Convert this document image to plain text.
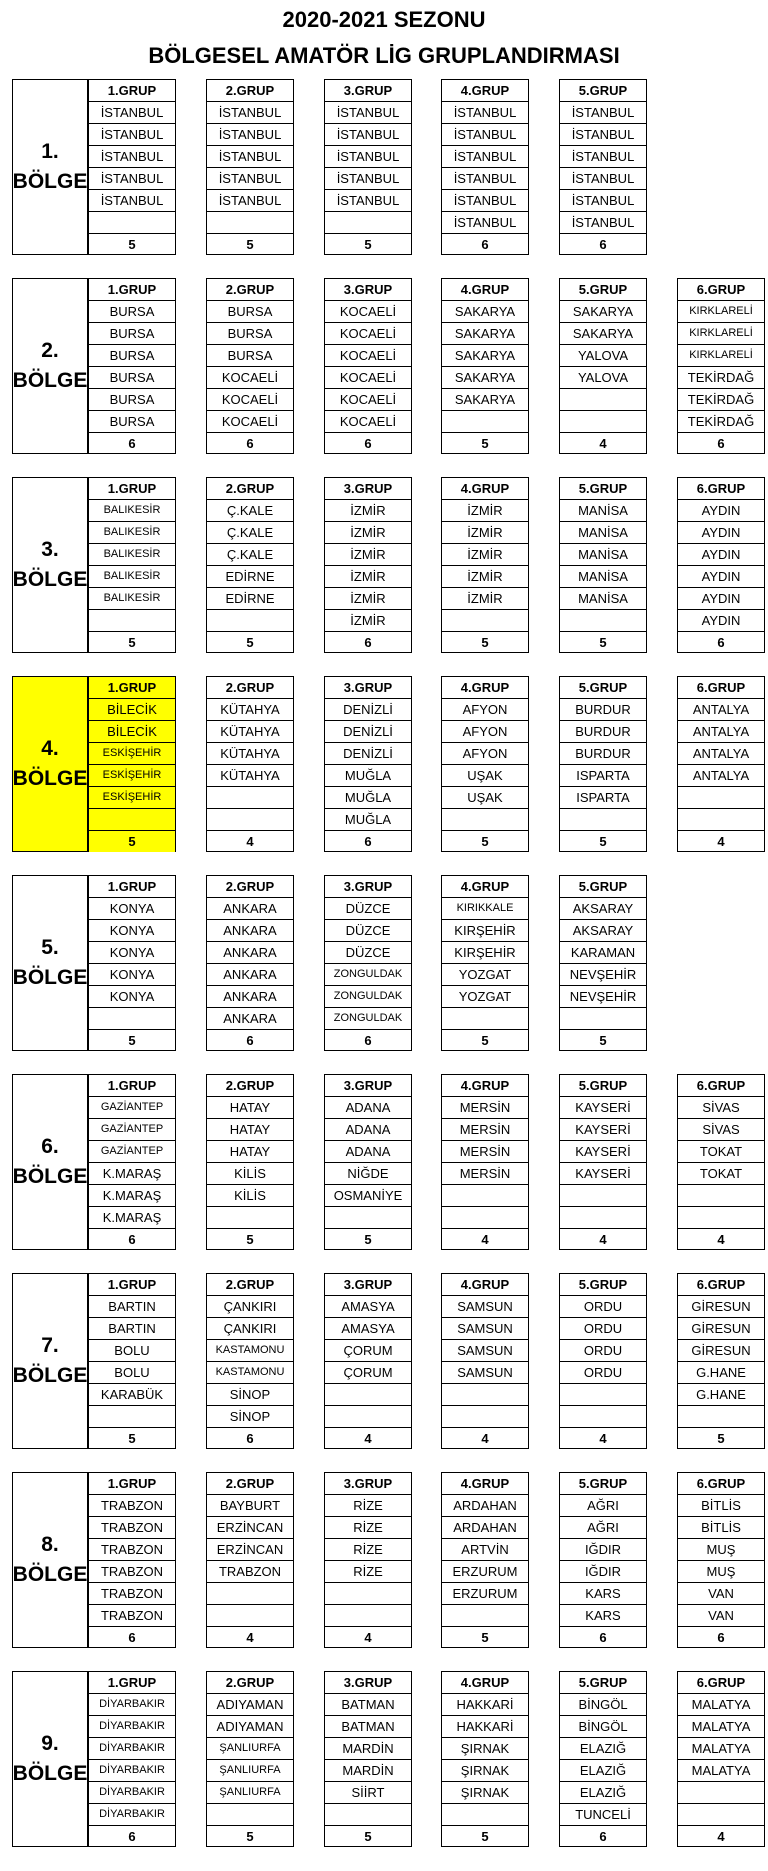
2020-2021 SEZONU
BÖLGESEL AMATÖR LİG GRUPLANDIRMASI
1.
BÖLGE
1.GRUP
İSTANBUL
İSTANBUL
İSTANBUL
İSTANBUL
İSTANBUL
5
2.GRUP
İSTANBUL
İSTANBUL
İSTANBUL
İSTANBUL
İSTANBUL
5
3.GRUP
İSTANBUL
İSTANBUL
İSTANBUL
İSTANBUL
İSTANBUL
5
4.GRUP
İSTANBUL
İSTANBUL
İSTANBUL
İSTANBUL
İSTANBUL
İSTANBUL
6
5.GRUP
İSTANBUL
İSTANBUL
İSTANBUL
İSTANBUL
İSTANBUL
İSTANBUL
6
2.
BÖLGE
1.GRUP
BURSA
BURSA
BURSA
BURSA
BURSA
BURSA
6
2.GRUP
BURSA
BURSA
BURSA
KOCAELİ
KOCAELİ
KOCAELİ
6
3.GRUP
KOCAELİ
KOCAELİ
KOCAELİ
KOCAELİ
KOCAELİ
KOCAELİ
6
4.GRUP
SAKARYA
SAKARYA
SAKARYA
SAKARYA
SAKARYA
5
5.GRUP
SAKARYA
SAKARYA
YALOVA
YALOVA
4
6.GRUP
KIRKLARELİ
KIRKLARELİ
KIRKLARELİ
TEKİRDAĞ
TEKİRDAĞ
TEKİRDAĞ
6
3.
BÖLGE
1.GRUP
BALIKESİR
BALIKESİR
BALIKESİR
BALIKESİR
BALIKESİR
5
2.GRUP
Ç.KALE
Ç.KALE
Ç.KALE
EDİRNE
EDİRNE
5
3.GRUP
İZMİR
İZMİR
İZMİR
İZMİR
İZMİR
İZMİR
6
4.GRUP
İZMİR
İZMİR
İZMİR
İZMİR
İZMİR
5
5.GRUP
MANİSA
MANİSA
MANİSA
MANİSA
MANİSA
5
6.GRUP
AYDIN
AYDIN
AYDIN
AYDIN
AYDIN
AYDIN
6
4.
BÖLGE
1.GRUP
BİLECİK
BİLECİK
ESKİŞEHİR
ESKİŞEHİR
ESKİŞEHİR
5
2.GRUP
KÜTAHYA
KÜTAHYA
KÜTAHYA
KÜTAHYA
4
3.GRUP
DENİZLİ
DENİZLİ
DENİZLİ
MUĞLA
MUĞLA
MUĞLA
6
4.GRUP
AFYON
AFYON
AFYON
UŞAK
UŞAK
5
5.GRUP
BURDUR
BURDUR
BURDUR
ISPARTA
ISPARTA
5
6.GRUP
ANTALYA
ANTALYA
ANTALYA
ANTALYA
4
5.
BÖLGE
1.GRUP
KONYA
KONYA
KONYA
KONYA
KONYA
5
2.GRUP
ANKARA
ANKARA
ANKARA
ANKARA
ANKARA
ANKARA
6
3.GRUP
DÜZCE
DÜZCE
DÜZCE
ZONGULDAK
ZONGULDAK
ZONGULDAK
6
4.GRUP
KIRIKKALE
KIRŞEHİR
KIRŞEHİR
YOZGAT
YOZGAT
5
5.GRUP
AKSARAY
AKSARAY
KARAMAN
NEVŞEHİR
NEVŞEHİR
5
6.
BÖLGE
1.GRUP
GAZİANTEP
GAZİANTEP
GAZİANTEP
K.MARAŞ
K.MARAŞ
K.MARAŞ
6
2.GRUP
HATAY
HATAY
HATAY
KİLİS
KİLİS
5
3.GRUP
ADANA
ADANA
ADANA
NİĞDE
OSMANİYE
5
4.GRUP
MERSİN
MERSİN
MERSİN
MERSİN
4
5.GRUP
KAYSERİ
KAYSERİ
KAYSERİ
KAYSERİ
4
6.GRUP
SİVAS
SİVAS
TOKAT
TOKAT
4
7.
BÖLGE
1.GRUP
BARTIN
BARTIN
BOLU
BOLU
KARABÜK
5
2.GRUP
ÇANKIRI
ÇANKIRI
KASTAMONU
KASTAMONU
SİNOP
SİNOP
6
3.GRUP
AMASYA
AMASYA
ÇORUM
ÇORUM
4
4.GRUP
SAMSUN
SAMSUN
SAMSUN
SAMSUN
4
5.GRUP
ORDU
ORDU
ORDU
ORDU
4
6.GRUP
GİRESUN
GİRESUN
GİRESUN
G.HANE
G.HANE
5
8.
BÖLGE
1.GRUP
TRABZON
TRABZON
TRABZON
TRABZON
TRABZON
TRABZON
6
2.GRUP
BAYBURT
ERZİNCAN
ERZİNCAN
TRABZON
4
3.GRUP
RİZE
RİZE
RİZE
RİZE
4
4.GRUP
ARDAHAN
ARDAHAN
ARTVİN
ERZURUM
ERZURUM
5
5.GRUP
AĞRI
AĞRI
IĞDIR
IĞDIR
KARS
KARS
6
6.GRUP
BİTLİS
BİTLİS
MUŞ
MUŞ
VAN
VAN
6
9.
BÖLGE
1.GRUP
DİYARBAKIR
DİYARBAKIR
DİYARBAKIR
DİYARBAKIR
DİYARBAKIR
DİYARBAKIR
6
2.GRUP
ADIYAMAN
ADIYAMAN
ŞANLIURFA
ŞANLIURFA
ŞANLIURFA
5
3.GRUP
BATMAN
BATMAN
MARDİN
MARDİN
SİİRT
5
4.GRUP
HAKKARİ
HAKKARİ
ŞIRNAK
ŞIRNAK
ŞIRNAK
5
5.GRUP
BİNGÖL
BİNGÖL
ELAZIĞ
ELAZIĞ
ELAZIĞ
TUNCELİ
6
6.GRUP
MALATYA
MALATYA
MALATYA
MALATYA
4
